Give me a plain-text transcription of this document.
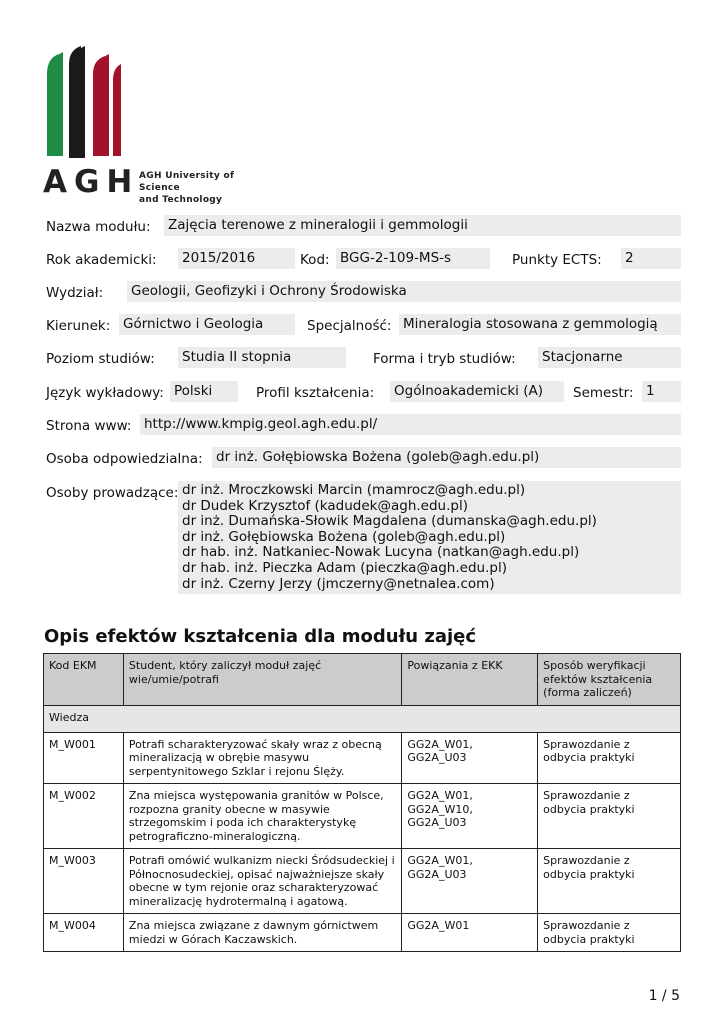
AGH AGH University of Science
and Technology
Nazwa modułu: Zajęcia terenowe z mineralogii i gemmologii
Rok akademicki: 2015/2016	Kod: BGG-2-109-MS-s	Punkty ECTS: 2
Wydział: Geologii, Geofizyki i Ochrony Środowiska
Kierunek: Górnictwo i Geologia	Specjalność: Mineralogia stosowana z gemmologią
Poziom studiów: Studia II stopnia	Forma i tryb studiów: Stacjonarne
Język wykładowy: Polski	Profil kształcenia: Ogólnoakademicki (A)	Semestr: 1
Strona www: http://www.kmpig.geol.agh.edu.pl/
Osoba odpowiedzialna: dr inż. Gołębiowska Bożena (goleb@agh.edu.pl)
Osoby prowadzące: dr inż. Mroczkowski Marcin (mamrocz@agh.edu.pl)
dr Dudek Krzysztof (kadudek@agh.edu.pl)
dr inż. Dumańska-Słowik Magdalena (dumanska@agh.edu.pl)
dr inż. Gołębiowska Bożena (goleb@agh.edu.pl)
dr hab. inż. Natkaniec-Nowak Lucyna (natkan@agh.edu.pl)
dr hab. inż. Pieczka Adam (pieczka@agh.edu.pl)
dr inż. Czerny Jerzy (jmczerny@netnalea.com)
Opis efektów kształcenia dla modułu zajęć
Kod EKM	Student, który zaliczył moduł zajęć wie/umie/potrafi	Powiązania z EKK	Sposób weryfikacji efektów kształcenia (forma zaliczeń)
Wiedza			
M_W001	Potrafi scharakteryzować skały wraz z obecną mineralizacją w obrębie masywu serpentynitowego Szklar i rejonu Ślęży.	GG2A_W01, GG2A_U03	Sprawozdanie z odbycia praktyki
M_W002	Zna miejsca występowania granitów w Polsce, rozpozna granity obecne w masywie strzegomskim i poda ich charakterystykę petrograficzno-mineralogiczną.	GG2A_W01, GG2A_W10, GG2A_U03	Sprawozdanie z odbycia praktyki
M_W003	Potrafi omówić wulkanizm niecki Śródsudeckiej i Północnosudeckiej, opisać najważniejsze skały obecne w tym rejonie oraz scharakteryzować mineralizację hydrotermalną i agatową.	GG2A_W01, GG2A_U03	Sprawozdanie z odbycia praktyki
M_W004	Zna miejsca związane z dawnym górnictwem miedzi w Górach Kaczawskich.	GG2A_W01	Sprawozdanie z odbycia praktyki
1 / 5
